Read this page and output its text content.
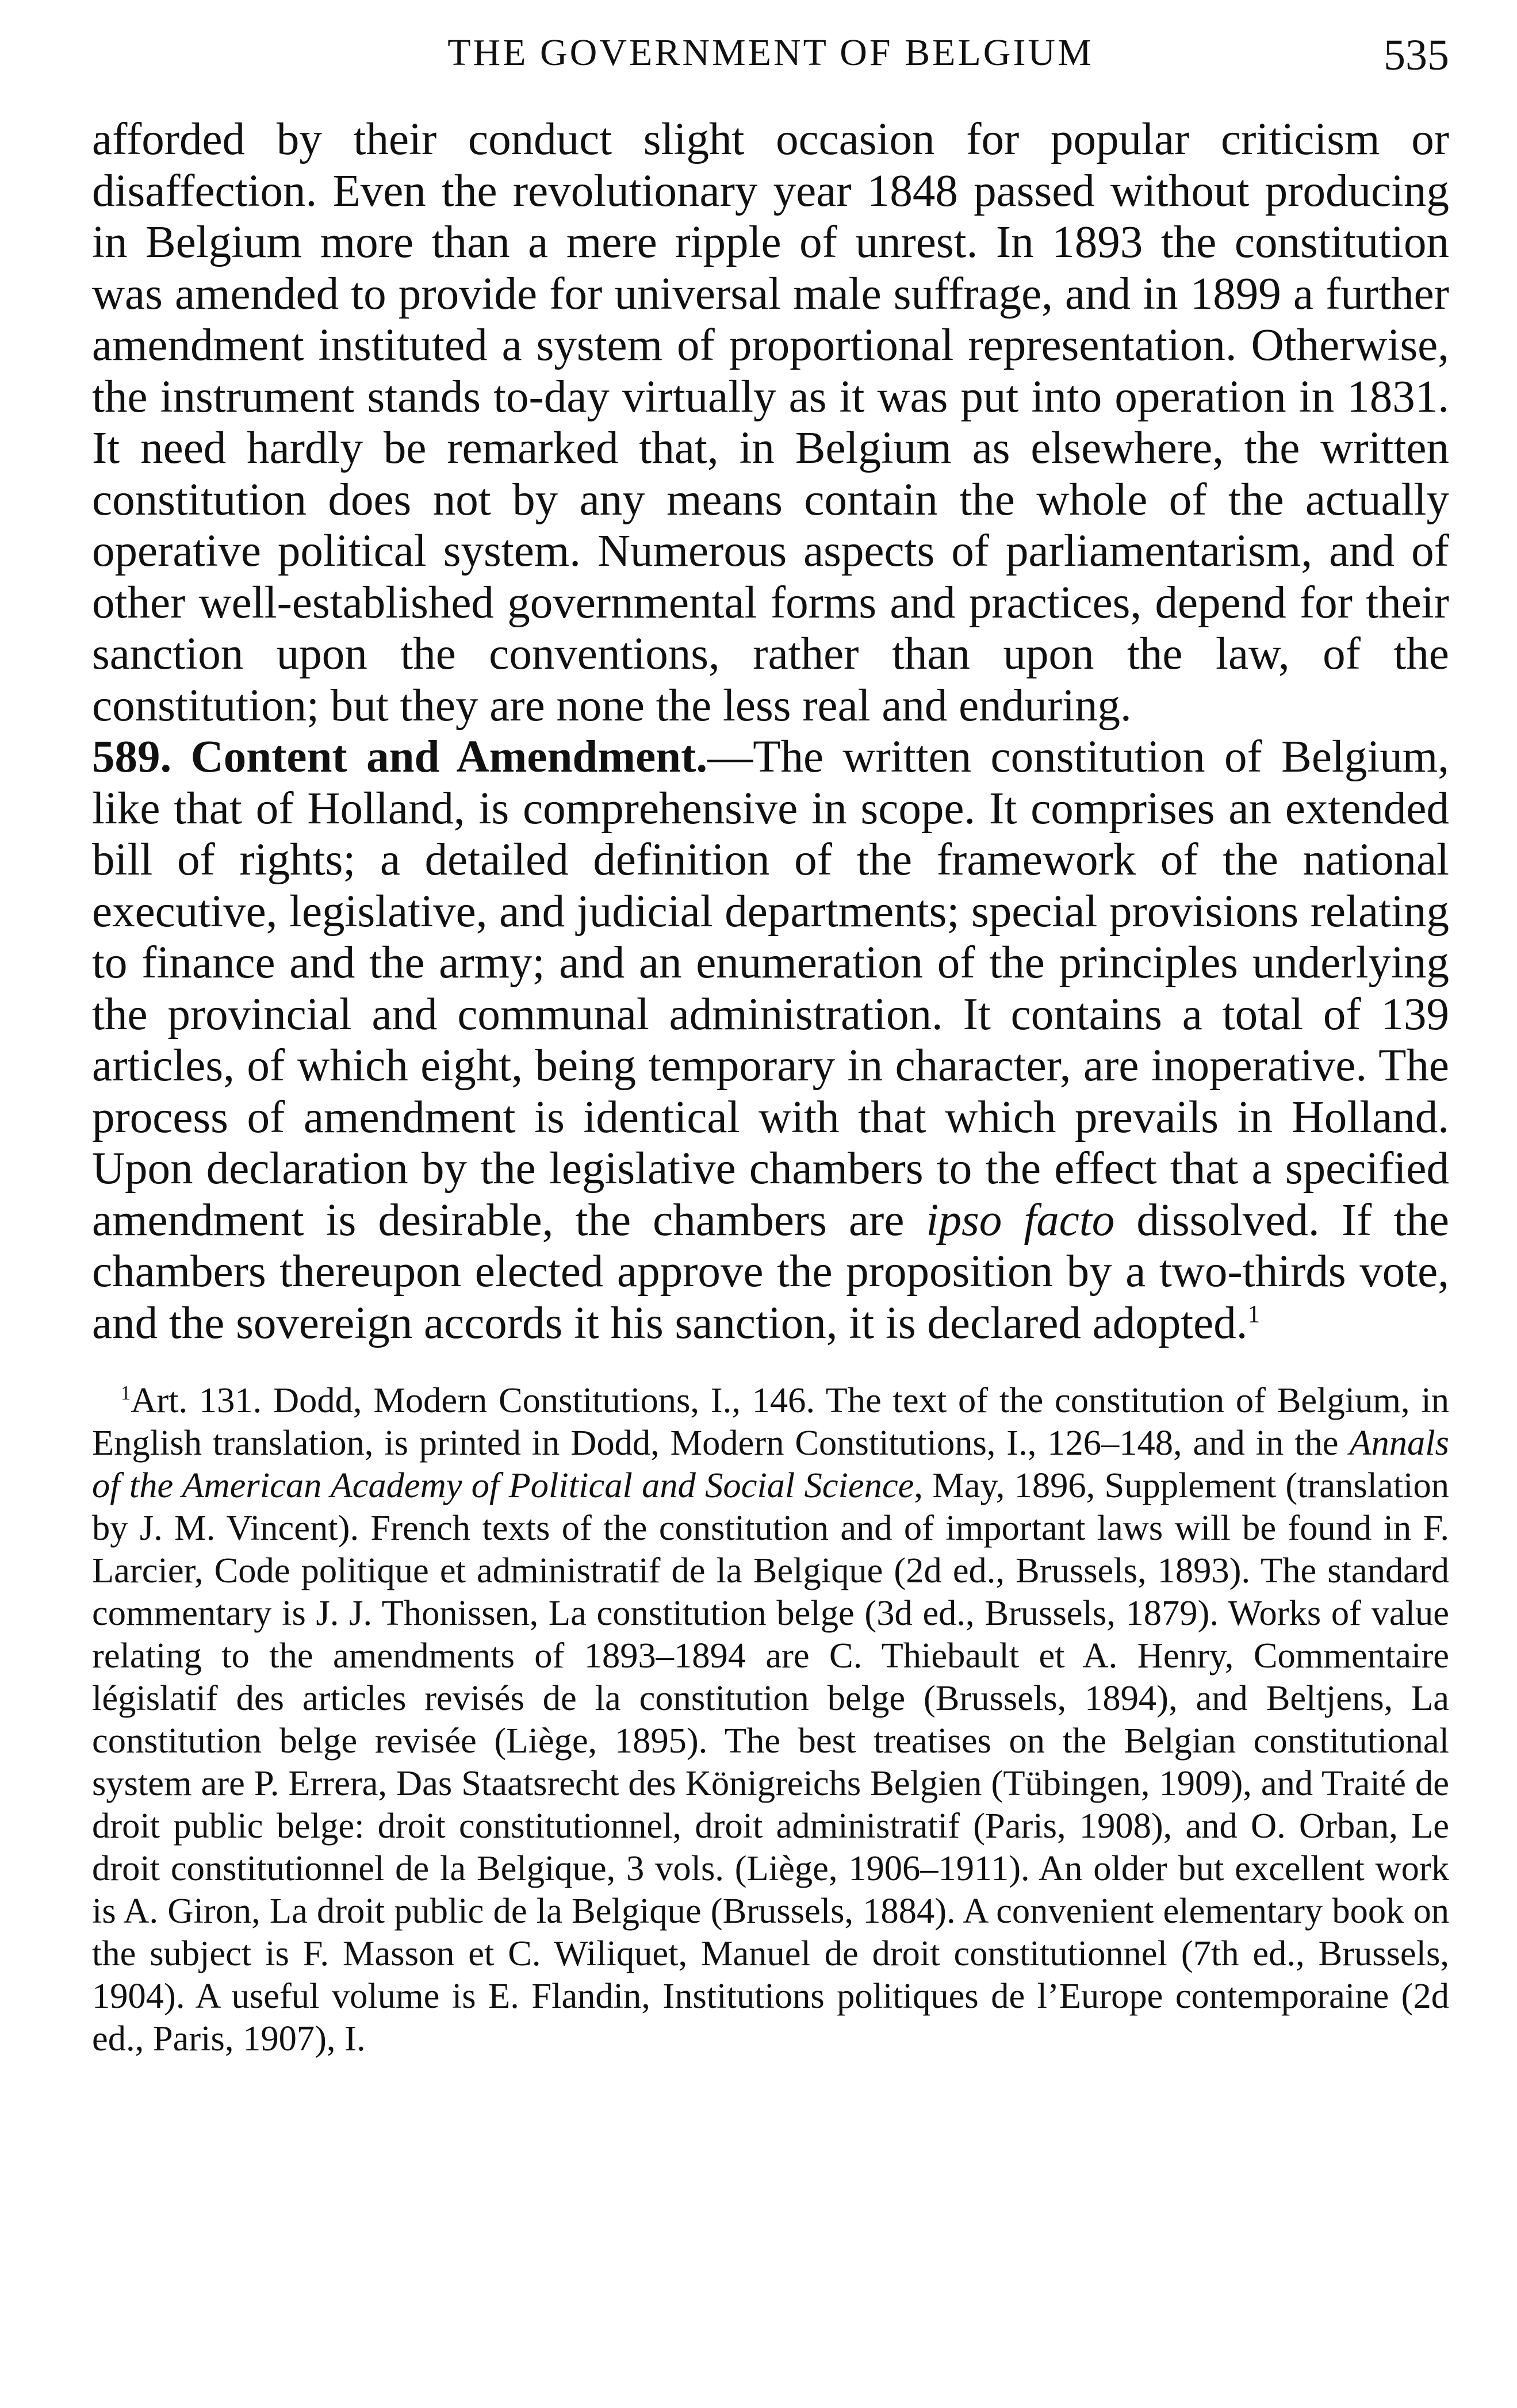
THE GOVERNMENT OF BELGIUM	535

afforded by their conduct slight occasion for popular criticism or disaffection. Even the revolutionary year 1848 passed without producing in Belgium more than a mere ripple of unrest. In 1893 the constitution was amended to provide for universal male suffrage, and in 1899 a further amendment instituted a system of proportional representation. Otherwise, the instrument stands to-day virtually as it was put into operation in 1831. It need hardly be remarked that, in Belgium as elsewhere, the written constitution does not by any means contain the whole of the actually operative political system. Numerous aspects of parliamentarism, and of other well-established governmental forms and practices, depend for their sanction upon the conventions, rather than upon the law, of the constitution; but they are none the less real and enduring.

589. Content and Amendment.—The written constitution of Belgium, like that of Holland, is comprehensive in scope. It comprises an extended bill of rights; a detailed definition of the framework of the national executive, legislative, and judicial departments; special provisions relating to finance and the army; and an enumeration of the principles underlying the provincial and communal administration. It contains a total of 139 articles, of which eight, being temporary in character, are inoperative. The process of amendment is identical with that which prevails in Holland. Upon declaration by the legislative chambers to the effect that a specified amendment is desirable, the chambers are ipso facto dissolved. If the chambers thereupon elected approve the proposition by a two-thirds vote, and the sovereign accords it his sanction, it is declared adopted.$^1$

$^1$Art. 131. Dodd, Modern Constitutions, I., 146. The text of the constitution of Belgium, in English translation, is printed in Dodd, Modern Constitutions, I., 126–148, and in the Annals of the American Academy of Political and Social Science, May, 1896, Supplement (translation by J. M. Vincent). French texts of the constitution and of important laws will be found in F. Larcier, Code politique et administratif de la Belgique (2d ed., Brussels, 1893). The standard commentary is J. J. Thonissen, La constitution belge (3d ed., Brussels, 1879). Works of value relating to the amendments of 1893–1894 are C. Thiebault et A. Henry, Commentaire législatif des articles revisés de la constitution belge (Brussels, 1894), and Beltjens, La constitution belge revisée (Liège, 1895). The best treatises on the Belgian constitutional system are P. Errera, Das Staatsrecht des Königreichs Belgien (Tübingen, 1909), and Traité de droit public belge: droit constitutionnel, droit administratif (Paris, 1908), and O. Orban, Le droit constitutionnel de la Belgique, 3 vols. (Liège, 1906–1911). An older but excellent work is A. Giron, La droit public de la Belgique (Brussels, 1884). A convenient elementary book on the subject is F. Masson et C. Wiliquet, Manuel de droit constitutionnel (7th ed., Brussels, 1904). A useful volume is E. Flandin, Institutions politiques de l’Europe contemporaine (2d ed., Paris, 1907), I.
